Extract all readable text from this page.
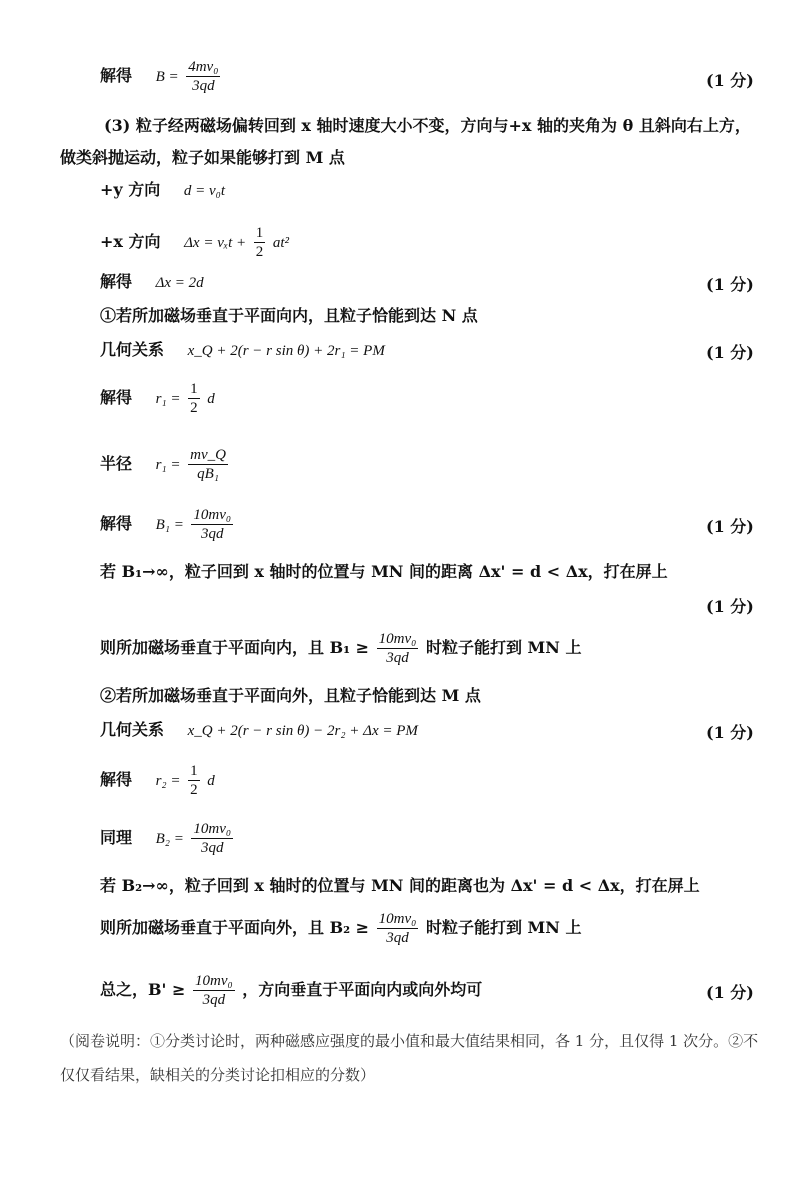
解得 $B = \frac{\text{4mv₀}}{3qd}$	(1 分)
(3) 粒子经两磁场偏转回到 x 轴时速度大小不变，方向与+x 轴的夹角为 θ 且斜向右上方，
做类斜抛运动，粒子如果能够打到 M 点
+y 方向 d = v₀t
+x 方向 $\Delta x = v_xt + \frac{1}{2} at^2$
解得 Δx = 2d	(1 分)
①若所加磁场垂直于平面向内，且粒子恰能到达 N 点
几何关系 x_Q + 2(r − r sin θ) + 2r₁ = PM	(1 分)
解得 $r_1 = \frac{1}{2}$ d
半径 $r_1 = \frac{mv\_Q}{\text{qB₁}}$
解得 $B_1 = \frac{\text{10mv₀}}{3qd}$	(1 分)
若 B₁→∞，粒子回到 x 轴时的位置与 MN 间的距离 Δx' = d < Δx，打在屏上
(1 分)
则所加磁场垂直于平面向内，且 $B_1 \ge \frac{\text{10mv₀}}{3qd}$ 时粒子能打到 MN 上
②若所加磁场垂直于平面向外，且粒子恰能到达 M 点
几何关系 x_Q + 2(r − r sin θ) − 2r₂ + Δx = PM	(1 分)
解得 $r_2 = \frac{1}{2}$ d
同理 $B_2 = \frac{\text{10mv₀}}{3qd}$
若 B₂→∞，粒子回到 x 轴时的位置与 MN 间的距离也为 Δx' = d < Δx，打在屏上
则所加磁场垂直于平面向外，且 $B_2 \ge \frac{\text{10mv₀}}{3qd}$ 时粒子能打到 MN 上
总之，$B' \ge \frac{\text{10mv₀}}{3qd}$ ，方向垂直于平面向内或向外均可	(1 分)
（阅卷说明：①分类讨论时，两种磁感应强度的最小值和最大值结果相同，各 1 分，且仅得 1 次分。②不仅仅看结果，缺相关的分类讨论扣相应的分数）
